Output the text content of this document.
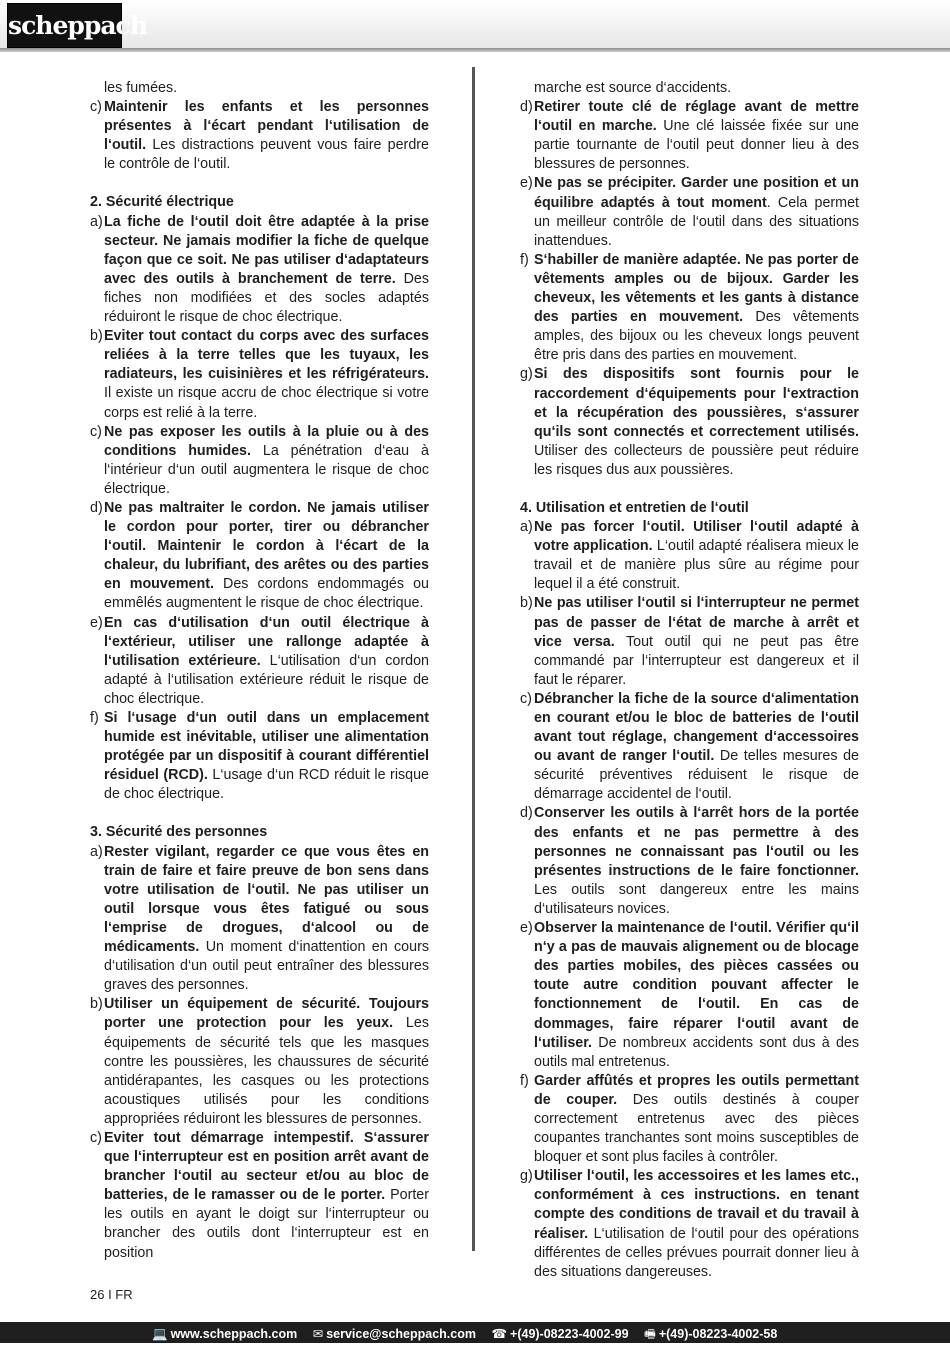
scheppach
les fumées.
c) Maintenir les enfants et les personnes présentes à l‘écart pendant l‘utilisation de l‘outil. Les distractions peuvent vous faire perdre le contrôle de l‘outil.
2. Sécurité électrique
a) La fiche de l‘outil doit être adaptée à la prise secteur. Ne jamais modifier la fiche de quelque façon que ce soit. Ne pas utiliser d‘adaptateurs avec des outils à branchement de terre. Des fiches non modifiées et des socles adaptés réduiront le risque de choc électrique.
b) Eviter tout contact du corps avec des surfaces reliées à la terre telles que les tuyaux, les radiateurs, les cuisinières et les réfrigérateurs. Il existe un risque accru de choc électrique si votre corps est relié à la terre.
c) Ne pas exposer les outils à la pluie ou à des conditions humides. La pénétration d‘eau à l‘intérieur d‘un outil augmentera le risque de choc électrique.
d) Ne pas maltraiter le cordon. Ne jamais utiliser le cordon pour porter, tirer ou débrancher l‘outil. Maintenir le cordon à l‘écart de la chaleur, du lubrifiant, des arêtes ou des parties en mouvement. Des cordons endommagés ou emmêlés augmentent le risque de choc électrique.
e) En cas d‘utilisation d‘un outil électrique à l‘extérieur, utiliser une rallonge adaptée à l‘utilisation extérieure. L‘utilisation d‘un cordon adapté à l‘utilisation extérieure réduit le risque de choc électrique.
f) Si l‘usage d‘un outil dans un emplacement humide est inévitable, utiliser une alimentation protégée par un dispositif à courant différentiel résiduel (RCD). L‘usage d‘un RCD réduit le risque de choc électrique.
3. Sécurité des personnes
a) Rester vigilant, regarder ce que vous êtes en train de faire et faire preuve de bon sens dans votre utilisation de l‘outil. Ne pas utiliser un outil lorsque vous êtes fatigué ou sous l‘emprise de drogues, d‘alcool ou de médicaments. Un moment d‘inattention en cours d‘utilisation d‘un outil peut entraîner des blessures graves des personnes.
b) Utiliser un équipement de sécurité. Toujours porter une protection pour les yeux. Les équipements de sécurité tels que les masques contre les poussières, les chaussures de sécurité antidérapantes, les casques ou les protections acoustiques utilisés pour les conditions appropriées réduiront les blessures de personnes.
c) Eviter tout démarrage intempestif. S‘assurer que l‘interrupteur est en position arrêt avant de brancher l‘outil au secteur et/ou au bloc de batteries, de le ramasser ou de le porter. Porter les outils en ayant le doigt sur l‘interrupteur ou brancher des outils dont l‘interrupteur est en position
marche est source d‘accidents.
d) Retirer toute clé de réglage avant de mettre l‘outil en marche. Une clé laissée fixée sur une partie tournante de l‘outil peut donner lieu à des blessures de personnes.
e) Ne pas se précipiter. Garder une position et un équilibre adaptés à tout moment. Cela permet un meilleur contrôle de l‘outil dans des situations inattendues.
f) S‘habiller de manière adaptée. Ne pas porter de vêtements amples ou de bijoux. Garder les cheveux, les vêtements et les gants à distance des parties en mouvement. Des vêtements amples, des bijoux ou les cheveux longs peuvent être pris dans des parties en mouvement.
g) Si des dispositifs sont fournis pour le raccordement d‘équipements pour l‘extraction et la récupération des poussières, s‘assurer qu‘ils sont connectés et correctement utilisés. Utiliser des collecteurs de poussière peut réduire les risques dus aux poussières.
4. Utilisation et entretien de l‘outil
a) Ne pas forcer l‘outil. Utiliser l‘outil adapté à votre application. L‘outil adapté réalisera mieux le travail et de manière plus sûre au régime pour lequel il a été construit.
b) Ne pas utiliser l‘outil si l‘interrupteur ne permet pas de passer de l‘état de marche à arrêt et vice versa. Tout outil qui ne peut pas être commandé par l‘interrupteur est dangereux et il faut le réparer.
c) Débrancher la fiche de la source d‘alimentation en courant et/ou le bloc de batteries de l‘outil avant tout réglage, changement d‘accessoires ou avant de ranger l‘outil. De telles mesures de sécurité préventives réduisent le risque de démarrage accidentel de l‘outil.
d) Conserver les outils à l‘arrêt hors de la portée des enfants et ne pas permettre à des personnes ne connaissant pas l‘outil ou les présentes instructions de le faire fonctionner. Les outils sont dangereux entre les mains d‘utilisateurs novices.
e) Observer la maintenance de l‘outil. Vérifier qu‘il n‘y a pas de mauvais alignement ou de blocage des parties mobiles, des pièces cassées ou toute autre condition pouvant affecter le fonctionnement de l‘outil. En cas de dommages, faire réparer l‘outil avant de l‘utiliser. De nombreux accidents sont dus à des outils mal entretenus.
f) Garder affûtés et propres les outils permettant de couper. Des outils destinés à couper correctement entretenus avec des pièces coupantes tranchantes sont moins susceptibles de bloquer et sont plus faciles à contrôler.
g) Utiliser l‘outil, les accessoires et les lames etc., conformément à ces instructions. en tenant compte des conditions de travail et du travail à réaliser. L‘utilisation de l‘outil pour des opérations différentes de celles prévues pourrait donner lieu à des situations dangereuses.
26 I FR
💻 www.scheppach.com ✉ service@scheppach.com ☎ +(49)-08223-4002-99 🖷 +(49)-08223-4002-58
